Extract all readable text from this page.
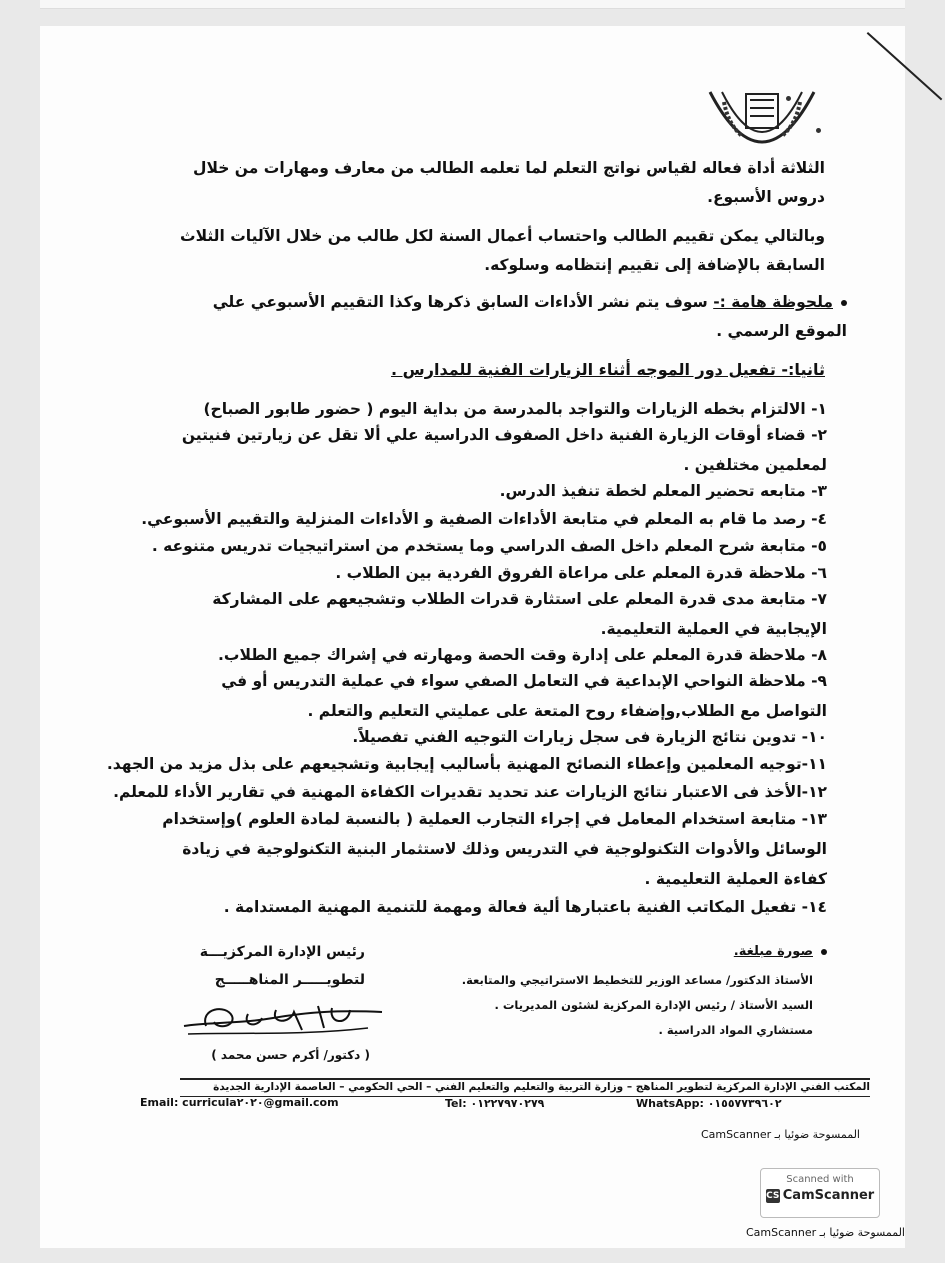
الثلاثة أداة فعاله لقياس نواتج التعلم لما تعلمه الطالب من معارف ومهارات من خلال دروس الأسبوع.
وبالتالي يمكن تقييم الطالب واحتساب أعمال السنة لكل طالب من خلال الآليات الثلاث السابقة بالإضافة إلى تقييم إنتظامه وسلوكه.
ملحوظة هامة :- سوف يتم نشر الأداءات السابق ذكرها وكذا التقييم الأسبوعي علي الموقع الرسمي .
ثانيا:- تفعيل دور الموجه أثناء الزيارات الفنية للمدارس .
١- الالتزام بخطه الزيارات والتواجد بالمدرسة من بداية اليوم ( حضور طابور الصباح)
٢- قضاء أوقات الزيارة الفنية داخل الصفوف الدراسية علي ألا تقل عن زيارتين فنيتين لمعلمين مختلفين .
٣- متابعه تحضير المعلم لخطة تنفيذ الدرس.
٤- رصد ما قام به المعلم في متابعة الأداءات الصفية و الأداءات المنزلية والتقييم الأسبوعي.
٥- متابعة شرح المعلم داخل الصف الدراسي وما يستخدم من استراتيجيات تدريس متنوعه .
٦- ملاحظة قدرة المعلم على مراعاة الفروق الفردية بين الطلاب .
٧- متابعة مدى قدرة المعلم على استثارة قدرات الطلاب وتشجيعهم على المشاركة الإيجابية في العملية التعليمية.
٨- ملاحظة قدرة المعلم على إدارة وقت الحصة ومهارته في إشراك جميع الطلاب.
٩- ملاحظة النواحي الإبداعية في التعامل الصفي سواء في عملية التدريس أو في التواصل مع الطلاب,وإضفاء روح المتعة على عمليتي التعليم والتعلم .
١٠- تدوين نتائج الزيارة فى سجل زيارات التوجيه الفني تفصيلاً.
١١-توجيه المعلمين وإعطاء النصائح المهنية بأساليب إيجابية وتشجيعهم على بذل مزيد من الجهد.
١٢-الأخذ فى الاعتبار نتائج الزيارات عند تحديد تقديرات الكفاءة المهنية في تقارير الأداء للمعلم.
١٣- متابعة استخدام المعامل في إجراء التجارب العملية ( بالنسبة لمادة العلوم )وإستخدام الوسائل والأدوات التكنولوجية في التدريس وذلك لاستثمار البنية التكنولوجية في زيادة كفاءة العملية التعليمية .
١٤- تفعيل المكاتب الفنية باعتبارها ألية فعالة ومهمة للتنمية المهنية المستدامة .
صورة مبلغة.
الأستاذ الدكتور/ مساعد الوزير للتخطيط الاستراتيجي والمتابعة.
السيد الأستاذ / رئيس الإدارة المركزية لشئون المديريات .
مستشاري المواد الدراسية .
رئيس الإدارة المركزيـــة
لتطويـــــر المناهـــــج
( دكتور/ أكرم حسن محمد )
المكتب الفني الإدارة المركزية لتطوير المناهج – وزارة التربية والتعليم والتعليم الفني – الحي الحكومي – العاصمة الإدارية الجديدة
Email: curricula٢٠٢٠@gmail.com	Tel: ٠١٢٢٧٩٧٠٢٧٩	WhatsApp: ٠١٥٥٧٧٣٩٦٠٢
الممسوحة ضوئيا بـ CamScanner
Scanned with
CS CamScanner
الممسوحة ضوئيا بـ CamScanner
